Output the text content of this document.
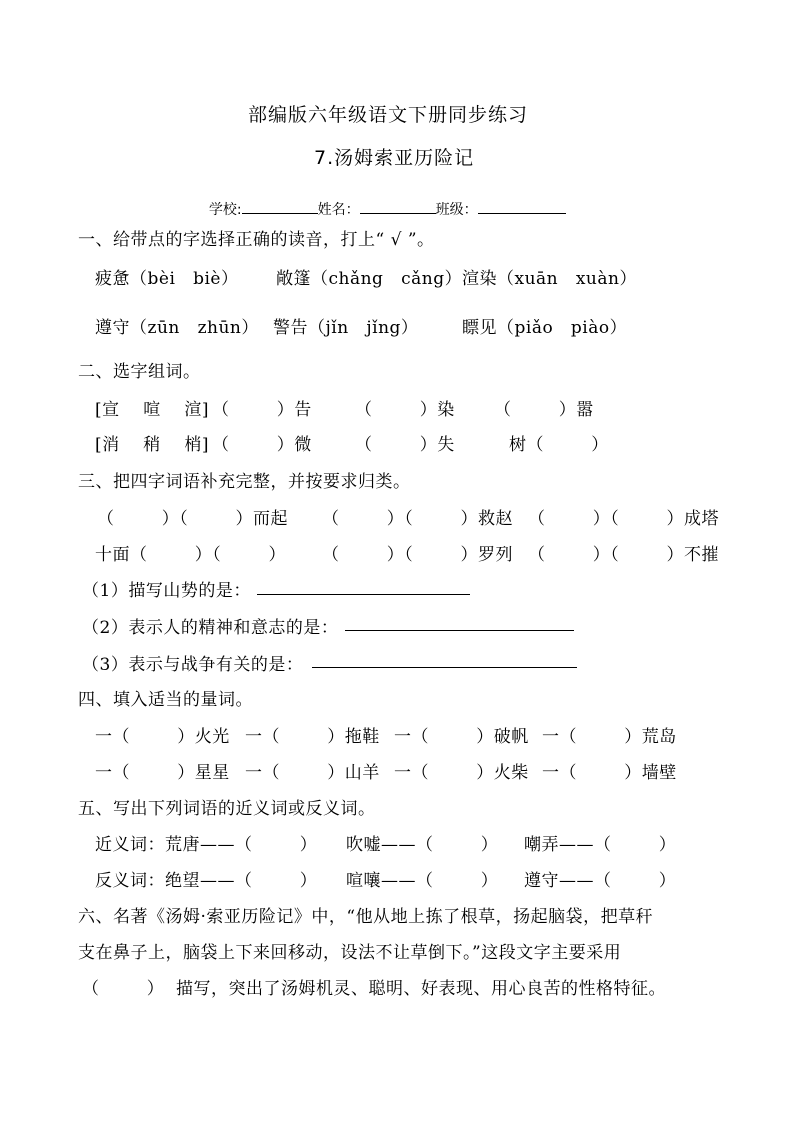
部编版六年级语文下册同步练习
7.汤姆索亚历险记

学校:	姓名：	班级：

一、给带点的字选择正确的读音，打上“ √ ”。
疲惫（bèi   biè） 敞篷（chǎng   cǎng） 渲染（xuān   xuàn）
遵守（zūn   zhūn） 警告（jǐn   jǐng）	瞟见（piǎo   piào）
二、选字组词。
[宣    喧    渲] （        ）告	（        ）染 （        ）嚣
[消    稍    梢] （        ）微	（        ）失	树（        ）
三、把四字词语补充完整，并按要求归类。
（        ）（        ）而起 （        ）（        ）救赵 （        ）（        ）成塔
十面（        ）（        ） （        ）（        ）罗列 （        ）（        ）不摧
（1）描写山势的是：
（2）表示人的精神和意志的是：
（3）表示与战争有关的是：
四、填入适当的量词。
一（        ）火光 一（        ）拖鞋 一（        ）破帆 一（        ）荒岛
一（        ）星星 一（        ）山羊 一（        ）火柴 一（        ）墙壁
五、写出下列词语的近义词或反义词。
近义词：荒唐——（        ） 吹嘘——（        ） 嘲弄——（        ）
反义词：绝望——（        ） 喧嚷——（        ） 遵守——（        ）
六、名著《汤姆·索亚历险记》中，“他从地上拣了根草，扬起脑袋，把草秆
支在鼻子上，脑袋上下来回移动，设法不让草倒下。”这段文字主要采用
（        ）  描写，突出了汤姆机灵、聪明、好表现、用心良苦的性格特征。
